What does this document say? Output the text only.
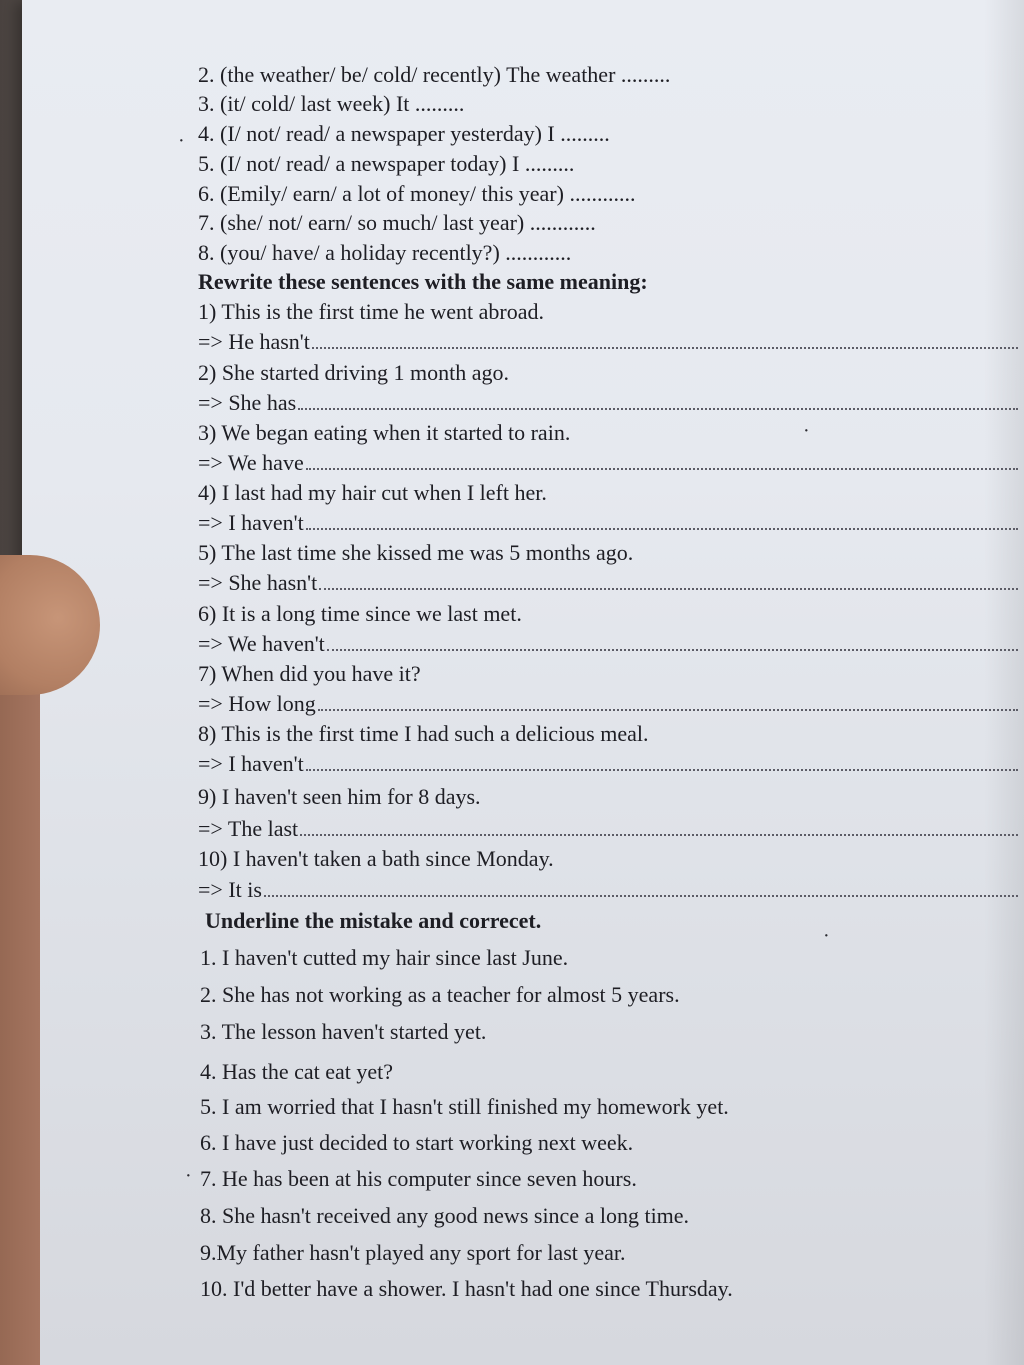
·
·
·
·
2. (the weather/ be/ cold/ recently) The weather .........
3. (it/ cold/ last week) It .........
4. (I/ not/ read/ a newspaper yesterday) I .........
5. (I/ not/ read/ a newspaper today) I .........
6. (Emily/ earn/ a lot of money/ this year) ............
7. (she/ not/ earn/ so much/ last year) ............
8. (you/ have/ a holiday recently?) ............
Rewrite these sentences with the same meaning:
1) This is the first time he went abroad.
=> He hasn't
2) She started driving 1 month ago.
=> She has
3) We began eating when it started to rain.
=> We have
4) I last had my hair cut when I left her.
=> I haven't
5) The last time she kissed me was 5 months ago.
=> She hasn't
6) It is a long time since we last met.
=> We haven't
7) When did you have it?
=> How long
8) This is the first time I had such a delicious meal.
=> I haven't
9) I haven't seen him for 8 days.
=> The last
10) I haven't taken a bath since Monday.
=> It is
Underline the mistake and correcet.
1. I haven't cutted my hair since last June.
2. She has not working as a teacher for almost 5 years.
3. The lesson haven't started yet.
4. Has the cat eat yet?
5. I am worried that I hasn't still finished my homework yet.
6. I have just decided to start working next week.
7. He has been at his computer since seven hours.
8. She hasn't received any good news since a long time.
9.My father hasn't played any sport for last year.
10. I'd better have a shower. I hasn't had one since Thursday.
